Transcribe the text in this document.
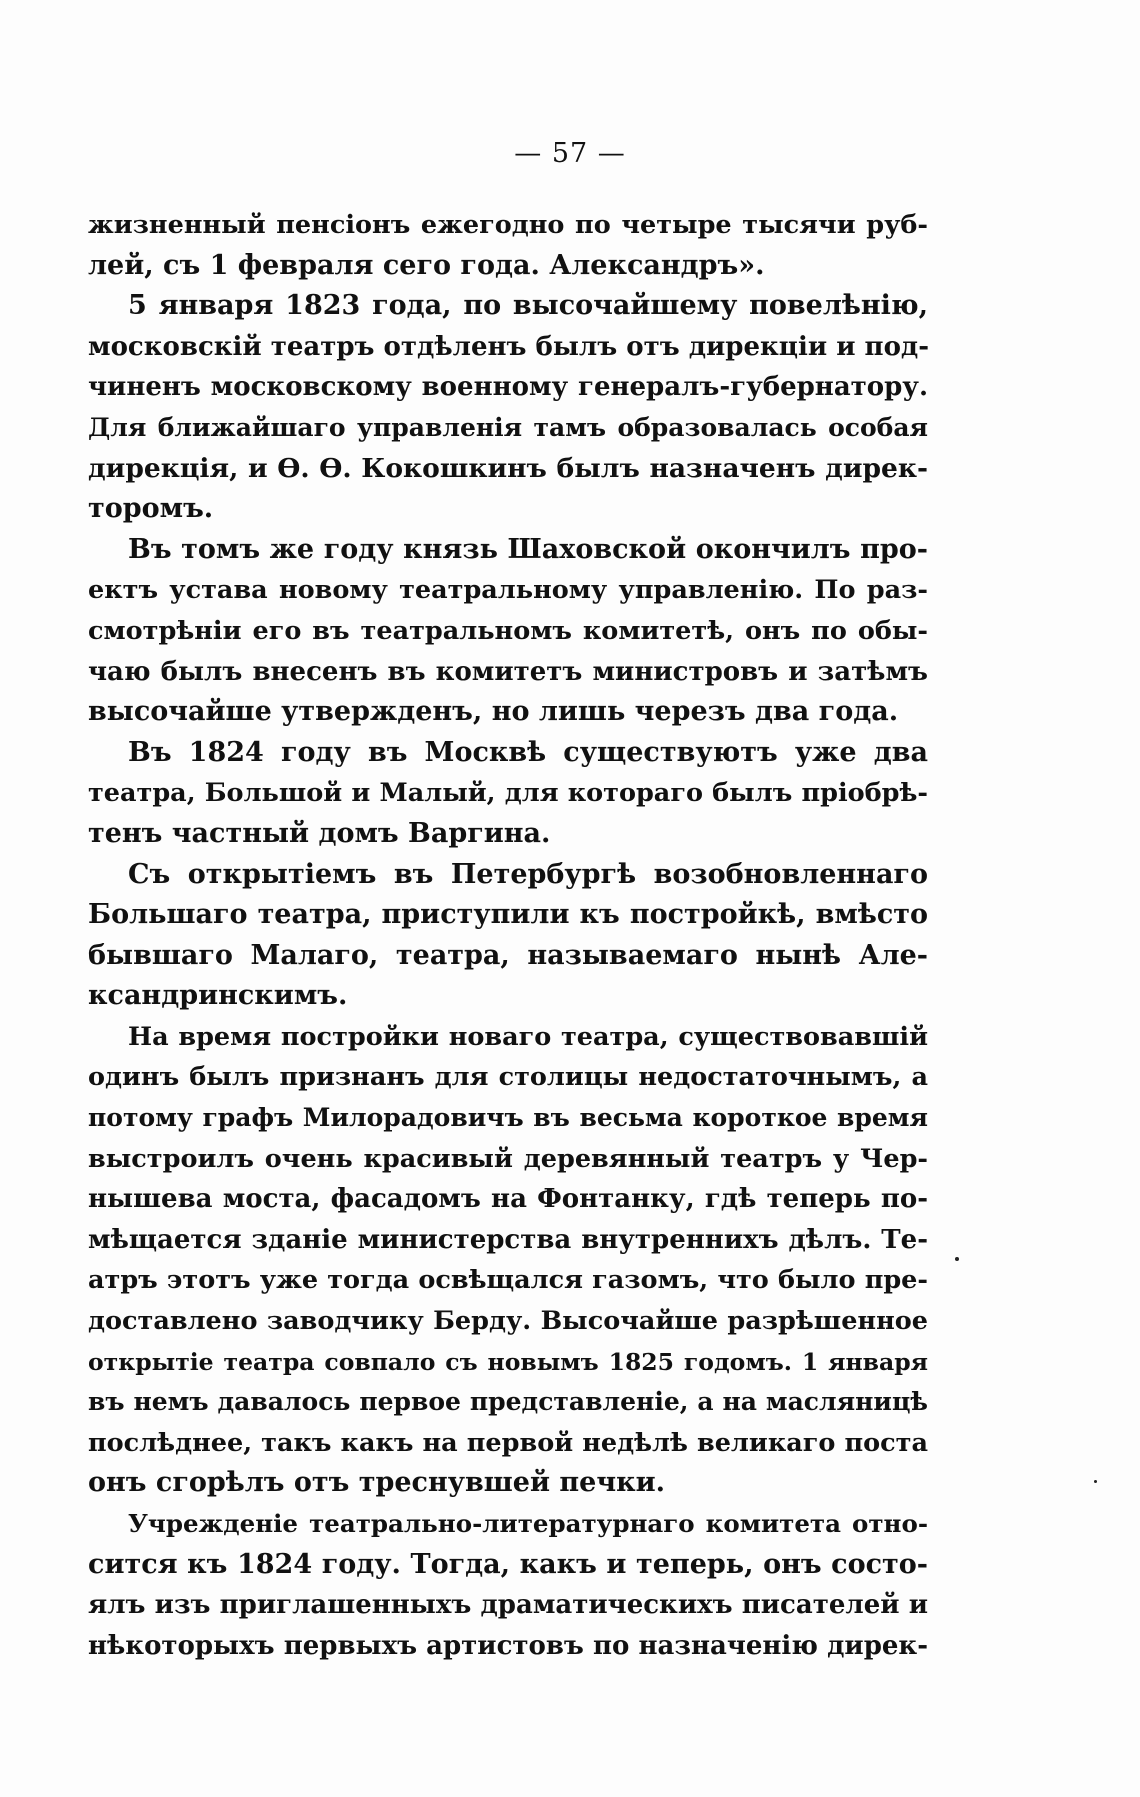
— 57 —
жизненный пенсіонъ ежегодно по четыре тысячи руб-
лей, съ 1 февраля сего года. Александръ».
5 января 1823 года, по высочайшему повелѣнію,
московскій театръ отдѣленъ былъ отъ дирекціи и под-
чиненъ московскому военному генералъ-губернатору.
Для ближайшаго управленія тамъ образовалась особая
дирекція, и Ѳ. Ѳ. Кокошкинъ былъ назначенъ дирек-
торомъ.
Въ томъ же году князь Шаховской окончилъ про-
ектъ устава новому театральному управленію. По раз-
смотрѣніи его въ театральномъ комитетѣ, онъ по обы-
чаю былъ внесенъ въ комитетъ министровъ и затѣмъ
высочайше утвержденъ, но лишь черезъ два года.
Въ 1824 году въ Москвѣ существуютъ уже два
театра, Большой и Малый, для котораго былъ пріобрѣ-
тенъ частный домъ Варгина.
Съ открытіемъ въ Петербургѣ возобновленнаго
Большаго театра, приступили къ постройкѣ, вмѣсто
бывшаго Малаго, театра, называемаго нынѣ Але-
ксандринскимъ.
На время постройки новаго театра, существовавшій
одинъ былъ признанъ для столицы недостаточнымъ, а
потому графъ Милорадовичъ въ весьма короткое время
выстроилъ очень красивый деревянный театръ у Чер-
нышева моста, фасадомъ на Фонтанку, гдѣ теперь по-
мѣщается зданіе министерства внутреннихъ дѣлъ. Те-
атръ этотъ уже тогда освѣщался газомъ, что было пре-
доставлено заводчику Берду. Высочайше разрѣшенное
открытіе театра совпало съ новымъ 1825 годомъ. 1 января
въ немъ давалось первое представленіе, а на масляницѣ
послѣднее, такъ какъ на первой недѣлѣ великаго поста
онъ сгорѣлъ отъ треснувшей печки.
Учрежденіе театрально-литературнаго комитета отно-
сится къ 1824 году. Тогда, какъ и теперь, онъ состо-
ялъ изъ приглашенныхъ драматическихъ писателей и
нѣкоторыхъ первыхъ артистовъ по назначенію дирек-
